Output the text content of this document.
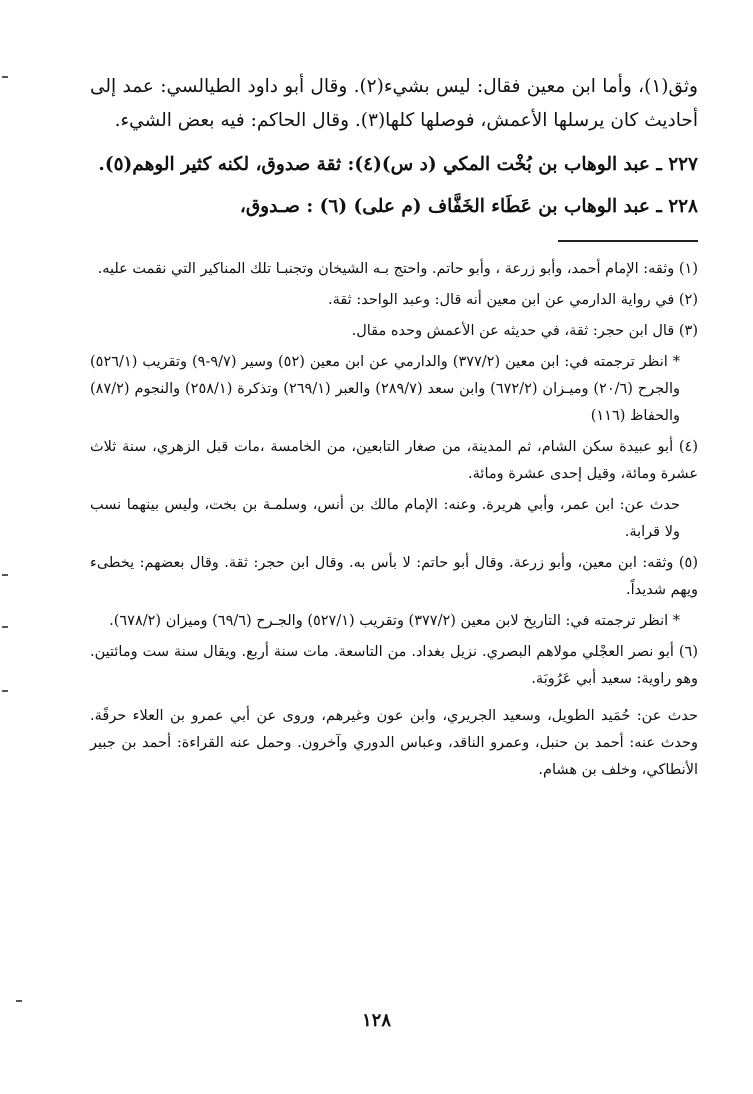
وثق(١)، وأما ابن معين فقال: ليس بشيء(٢). وقال أبو داود الطيالسي: عمد إلى أحاديث كان يرسلها الأعمش، فوصلها كلها(٣). وقال الحاكم: فيه بعض الشيء.

٢٢٧ ـ عبد الوهاب بن بُخْت المكي (د س)(٤): ثقة صدوق، لكنه كثير الوهم(٥).

٢٢٨ ـ عبد الوهاب بن عَطَاء الخَفَّاف (م على) (٦) : صـدوق،

(١) وثقه: الإمام أحمد، وأبو زرعة ، وأبو حاتم. واحتج بـه الشيخان وتجنبـا تلك المناكير التي نقمت عليه.

(٢) في رواية الدارمي عن ابن معين أنه قال: وعبد الواحد: ثقة.

(٣) قال ابن حجر: ثقة، في حديثه عن الأعمش وحده مقال.

* انظر ترجمته في: ابن معين (٣٧٧/٢) والدارمي عن ابن معين (٥٢) وسير (٩/٧-٩) وتقريب (٥٢٦/١) والجرح (٢٠/٦) وميـزان (٦٧٢/٢) وابن سعد (٢٨٩/٧) والعبر (٢٦٩/١) وتذكرة (٢٥٨/١) والنجوم (٨٧/٢) والحفاظ (١١٦)

(٤) أبو عبيدة سكن الشام، ثم المدينة، من صغار التابعين، من الخامسة ،مات قبل الزهري، سنة ثلاث عشرة ومائة، وقيل إحدى عشرة ومائة.

حدث عن: ابن عمر، وأبي هريرة. وعنه: الإمام مالك بن أنس، وسلمـة بن بخت، وليس بينهما نسب ولا قرابة.

(٥) وثقه: ابن معين، وأبو زرعة. وقال أبو حاتم: لا بأس به. وقال ابن حجر: ثقة. وقال بعضهم: يخطىء ويهم شديداً.

* انظر ترجمته في: التاريخ لابن معين (٣٧٧/٢) وتقريب (٥٢٧/١) والجـرح (٦٩/٦) وميزان (٦٧٨/٢).

(٦) أبو نصر العجْلي مولاهم البصري. نزيل بغداد. من التاسعة. مات سنة أربع. ويقال سنة ست ومائتين. وهو راوية: سعيد أبي عَرُوبَة.

حدث عن: حُمَيد الطويل، وسعيد الجريري، وابن عون وغيرهم، وروى عن أبي عمرو بن العلاء حرفًة. وحدث عنه: أحمد بن حنبل، وعمرو الناقد، وعباس الدوري وآخرون. وحمل عنه القراءة: أحمد بن جبير الأنطاكي، وخلف بن هشام.

١٢٨
